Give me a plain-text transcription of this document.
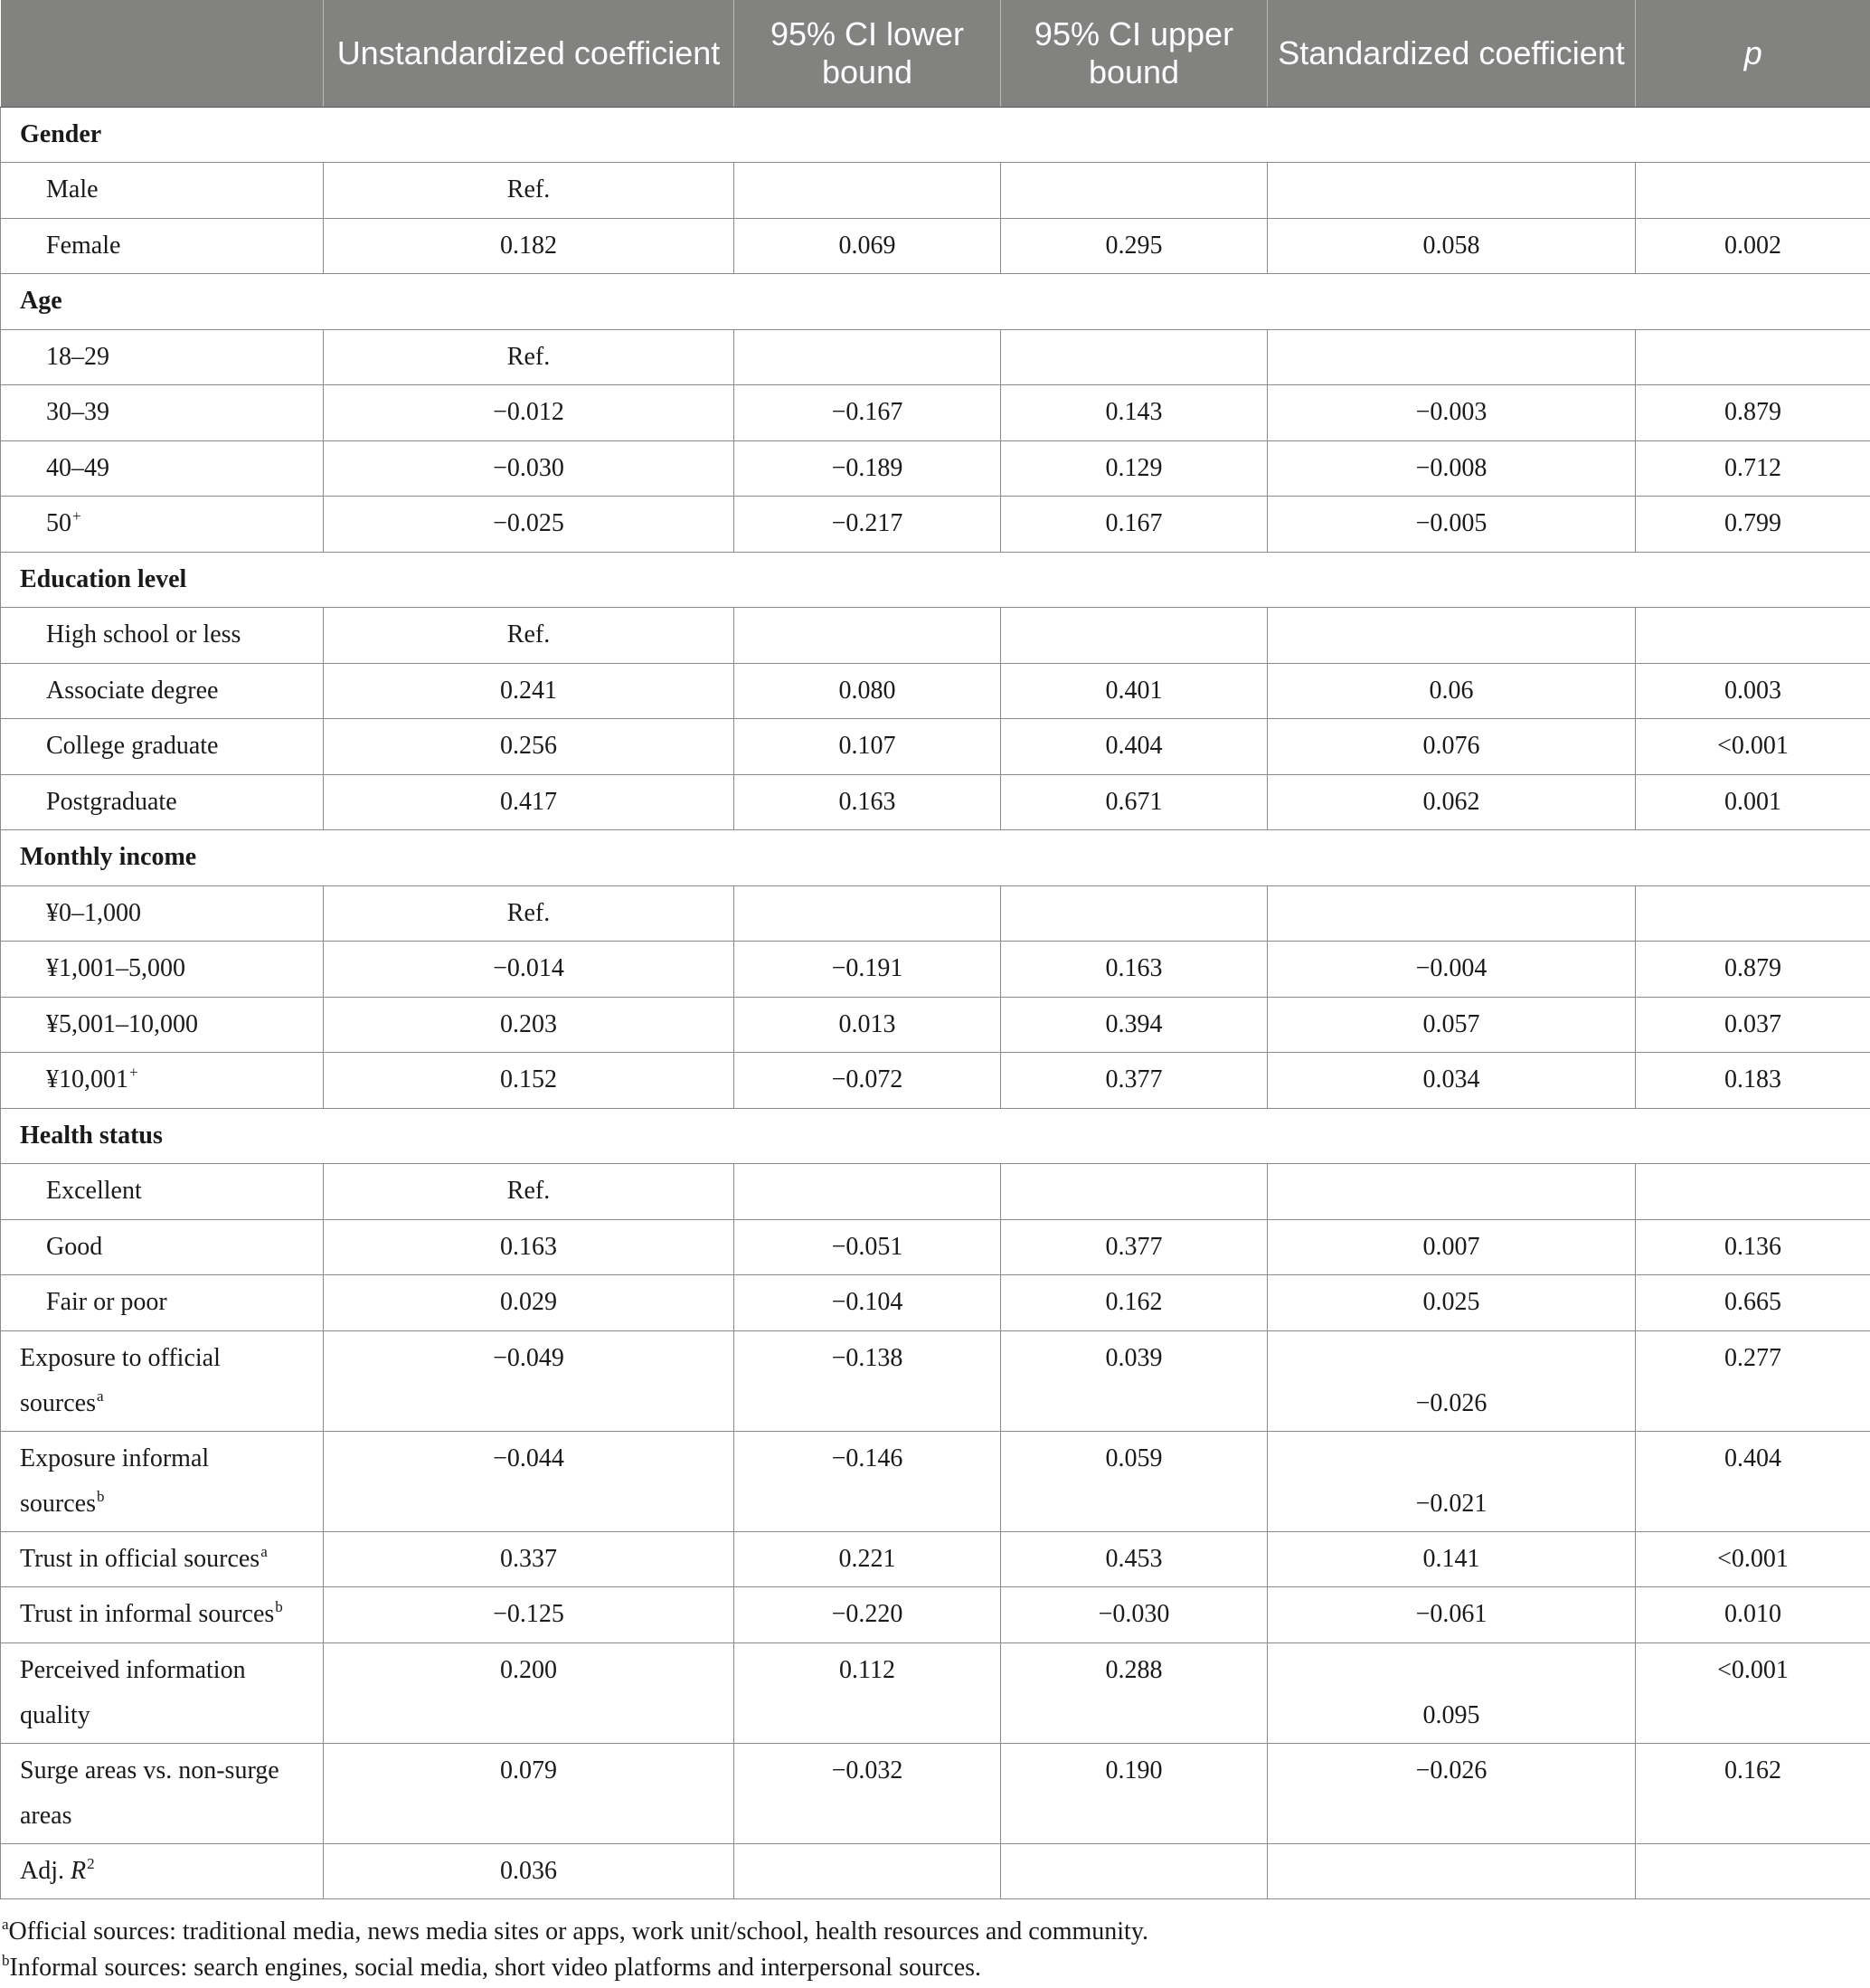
	Unstandardized coefficient	95% CI lower bound	95% CI upper bound	Standardized coefficient	p
Gender					
Male	Ref.				
Female	0.182	0.069	0.295	0.058	0.002
Age					
18–29	Ref.				
30–39	−0.012	−0.167	0.143	−0.003	0.879
40–49	−0.030	−0.189	0.129	−0.008	0.712
50+	−0.025	−0.217	0.167	−0.005	0.799
Education level					
High school or less	Ref.				
Associate degree	0.241	0.080	0.401	0.06	0.003
College graduate	0.256	0.107	0.404	0.076	<0.001
Postgraduate	0.417	0.163	0.671	0.062	0.001
Monthly income					
¥0–1,000	Ref.				
¥1,001–5,000	−0.014	−0.191	0.163	−0.004	0.879
¥5,001–10,000	0.203	0.013	0.394	0.057	0.037
¥10,001+	0.152	−0.072	0.377	0.034	0.183
Health status					
Excellent	Ref.				
Good	0.163	−0.051	0.377	0.007	0.136
Fair or poor	0.029	−0.104	0.162	0.025	0.665
Exposure to official
sources$^a$	−0.049	−0.138	0.039	−0.026	0.277
Exposure informal
sources$^b$	−0.044	−0.146	0.059	−0.021	0.404
Trust in official sources$^a$	0.337	0.221	0.453	0.141	<0.001
Trust in informal sources$^b$	−0.125	−0.220	−0.030	−0.061	0.010
Perceived information
quality	0.200	0.112	0.288	0.095	<0.001
Surge areas vs. non-surge
areas	0.079	−0.032	0.190	−0.026	0.162
Adj. $R^2$	0.036				

$^a$Official sources: traditional media, news media sites or apps, work unit/school, health resources and community.

$^b$Informal sources: search engines, social media, short video platforms and interpersonal sources.
